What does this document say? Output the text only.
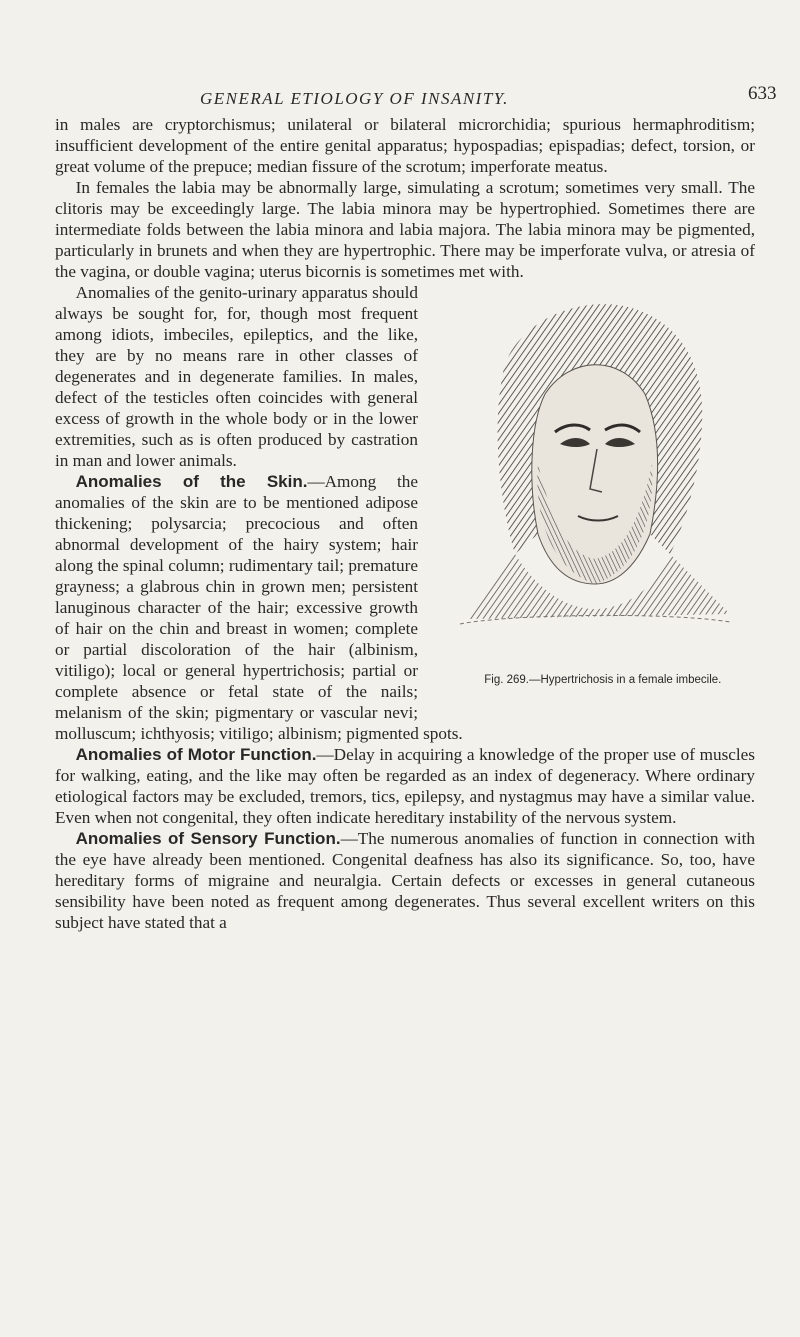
GENERAL ETIOLOGY OF INSANITY.	633

in males are cryptorchismus; unilateral or bilateral microrchidia; spurious hermaphroditism; insufficient development of the entire genital apparatus; hypospadias; epispadias; defect, torsion, or great volume of the prepuce; median fissure of the scrotum; imperforate meatus.

In females the labia may be abnormally large, simulating a scrotum; sometimes very small. The clitoris may be exceedingly large. The labia minora may be hypertrophied. Sometimes there are intermediate folds between the labia minora and labia majora. The labia minora may be pigmented, particularly in brunets and when they are hypertrophic. There may be imperforate vulva, or atresia of the vagina, or double vagina; uterus bicornis is sometimes met with.

Fig. 269.—Hypertrichosis in a female imbecile.
Anomalies of the genito-urinary apparatus should always be sought for, for, though most frequent among idiots, imbeciles, epileptics, and the like, they are by no means rare in other classes of degenerates and in degenerate families. In males, defect of the testicles often coincides with general excess of growth in the whole body or in the lower extremities, such as is often produced by castration in man and lower animals.

Anomalies of the Skin.—Among the anomalies of the skin are to be mentioned adipose thickening; polysarcia; precocious and often abnormal development of the hairy system; hair along the spinal column; rudimentary tail; premature grayness; a glabrous chin in grown men; persistent lanuginous character of the hair; excessive growth of hair on the chin and breast in women; complete or partial discoloration of the hair (albinism, vitiligo); local or general hypertrichosis; partial or complete absence or fetal state of the nails; melanism of the skin; pigmentary or vascular nevi; molluscum; ichthyosis; vitiligo; albinism; pigmented spots.

Anomalies of Motor Function.—Delay in acquiring a knowledge of the proper use of muscles for walking, eating, and the like may often be regarded as an index of degeneracy. Where ordinary etiological factors may be excluded, tremors, tics, epilepsy, and nystagmus may have a similar value. Even when not congenital, they often indicate hereditary instability of the nervous system.

Anomalies of Sensory Function.—The numerous anomalies of function in connection with the eye have already been mentioned. Congenital deafness has also its significance. So, too, have hereditary forms of migraine and neuralgia. Certain defects or excesses in general cutaneous sensibility have been noted as frequent among degenerates. Thus several excellent writers on this subject have stated that a
